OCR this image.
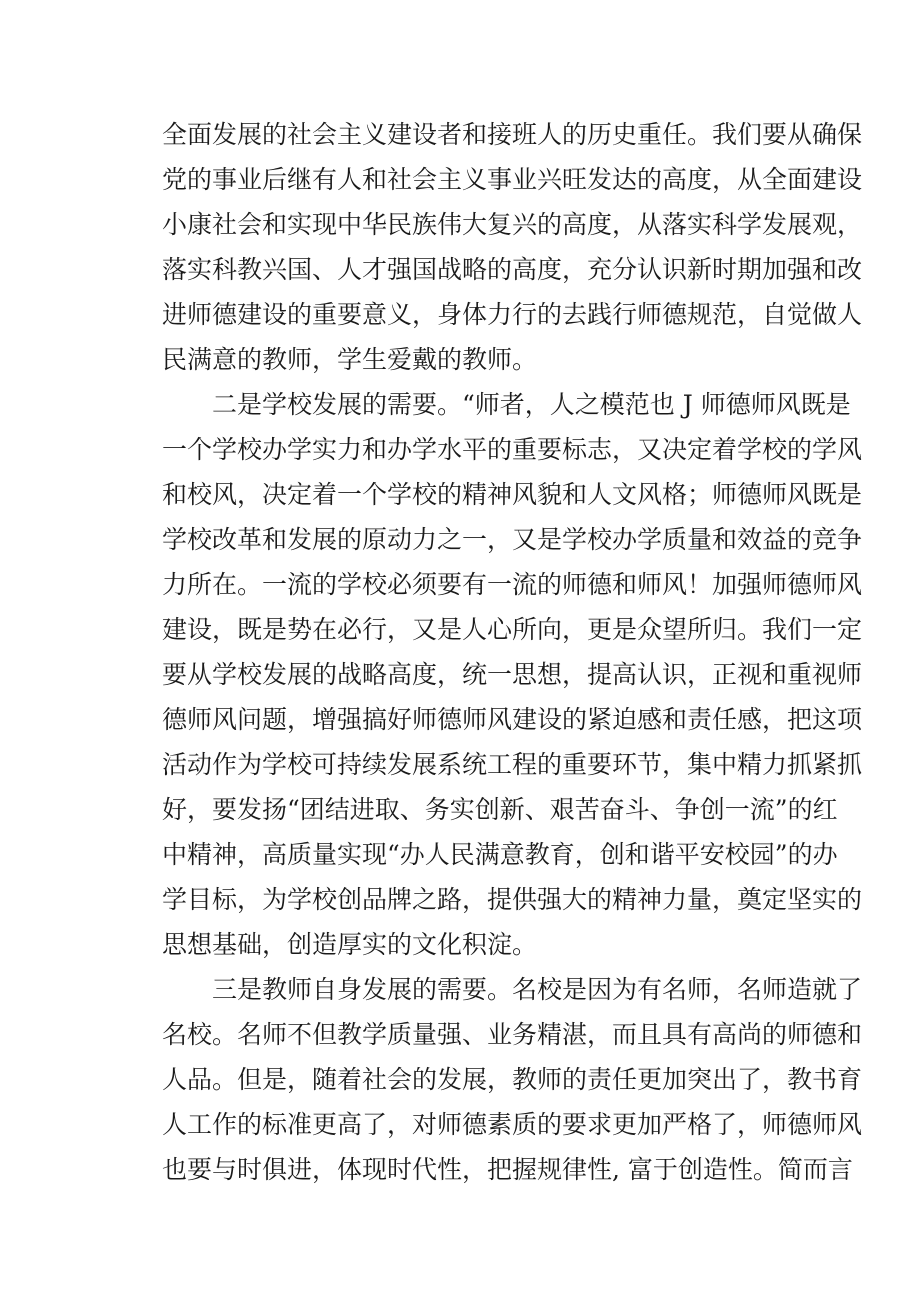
全面发展的社会主义建设者和接班人的历史重任。我们要从确保
党的事业后继有人和社会主义事业兴旺发达的高度，从全面建设
小康社会和实现中华民族伟大复兴的高度，从落实科学发展观，
落实科教兴国、人才强国战略的高度，充分认识新时期加强和改
进师德建设的重要意义，身体力行的去践行师德规范，自觉做人
民满意的教师，学生爱戴的教师。
二是学校发展的需要。“师者，人之模范也 J 师德师风既是
一个学校办学实力和办学水平的重要标志，又决定着学校的学风
和校风，决定着一个学校的精神风貌和人文风格；师德师风既是
学校改革和发展的原动力之一，又是学校办学质量和效益的竞争
力所在。一流的学校必须要有一流的师德和师风！加强师德师风
建设，既是势在必行，又是人心所向，更是众望所归。我们一定
要从学校发展的战略高度，统一思想，提高认识，正视和重视师
德师风问题，增强搞好师德师风建设的紧迫感和责任感，把这项
活动作为学校可持续发展系统工程的重要环节，集中精力抓紧抓
好，要发扬“团结进取、务实创新、艰苦奋斗、争创一流”的红
中精神，高质量实现“办人民满意教育，创和谐平安校园”的办
学目标，为学校创品牌之路，提供强大的精神力量，奠定坚实的
思想基础，创造厚实的文化积淀。
三是教师自身发展的需要。名校是因为有名师，名师造就了
名校。名师不但教学质量强、业务精湛，而且具有高尚的师德和
人品。但是，随着社会的发展，教师的责任更加突出了，教书育
人工作的标准更高了，对师德素质的要求更加严格了，师德师风
也要与时俱进，体现时代性，把握规律性, 富于创造性。简而言
